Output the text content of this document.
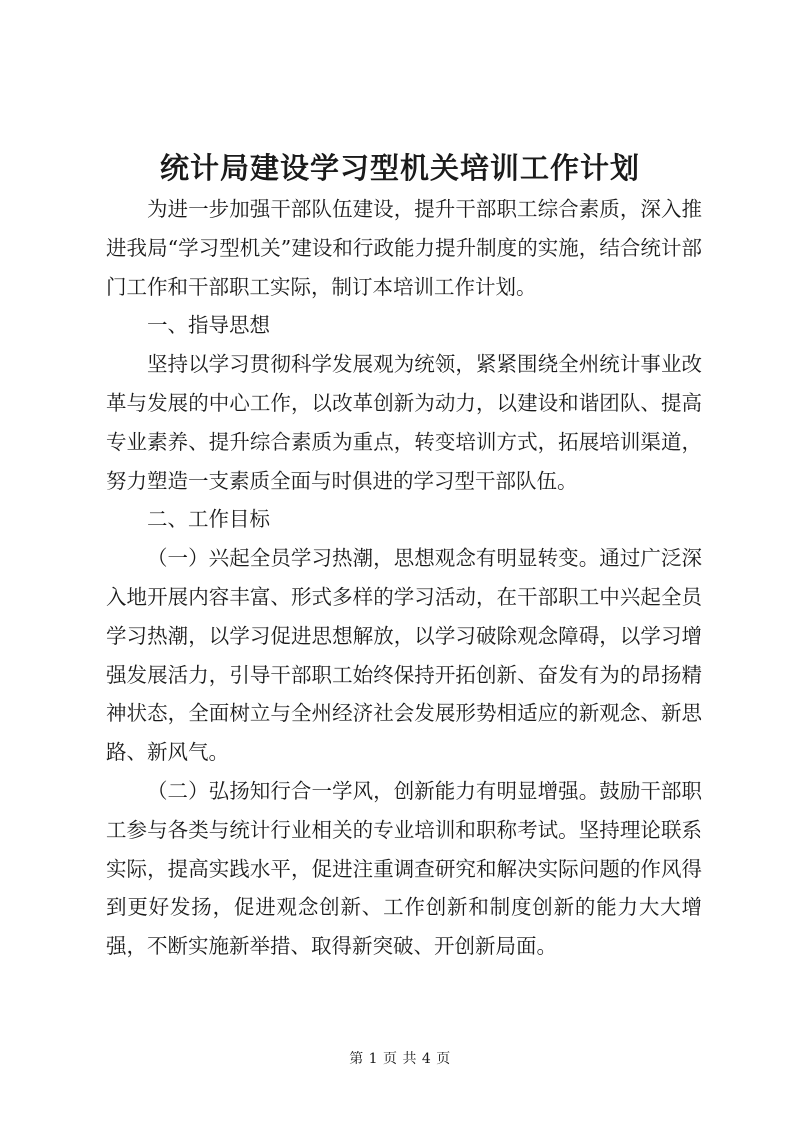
统计局建设学习型机关培训工作计划

为进一步加强干部队伍建设，提升干部职工综合素质，深入推进我局“学习型机关”建设和行政能力提升制度的实施，结合统计部门工作和干部职工实际，制订本培训工作计划。

一、指导思想

坚持以学习贯彻科学发展观为统领，紧紧围绕全州统计事业改革与发展的中心工作，以改革创新为动力，以建设和谐团队、提高专业素养、提升综合素质为重点，转变培训方式，拓展培训渠道，努力塑造一支素质全面与时俱进的学习型干部队伍。

二、工作目标

（一）兴起全员学习热潮，思想观念有明显转变。通过广泛深入地开展内容丰富、形式多样的学习活动，在干部职工中兴起全员学习热潮，以学习促进思想解放，以学习破除观念障碍，以学习增强发展活力，引导干部职工始终保持开拓创新、奋发有为的昂扬精神状态，全面树立与全州经济社会发展形势相适应的新观念、新思路、新风气。

（二）弘扬知行合一学风，创新能力有明显增强。鼓励干部职工参与各类与统计行业相关的专业培训和职称考试。坚持理论联系实际，提高实践水平，促进注重调查研究和解决实际问题的作风得到更好发扬，促进观念创新、工作创新和制度创新的能力大大增强，不断实施新举措、取得新突破、开创新局面。

第 1 页 共 4 页
